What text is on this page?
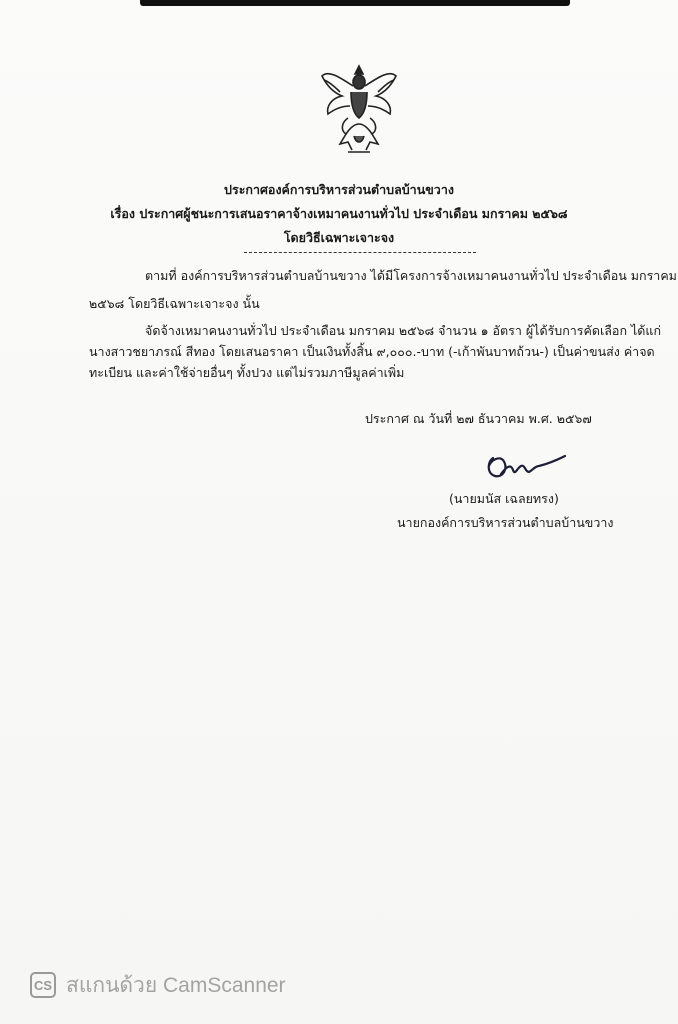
ประกาศองค์การบริหารส่วนตำบลบ้านขวาง
เรื่อง ประกาศผู้ชนะการเสนอราคาจ้างเหมาคนงานทั่วไป ประจำเดือน มกราคม ๒๕๖๘
โดยวิธีเฉพาะเจาะจง
ตามที่ องค์การบริหารส่วนตำบลบ้านขวาง ได้มีโครงการจ้างเหมาคนงานทั่วไป ประจำเดือน มกราคม
๒๕๖๘ โดยวิธีเฉพาะเจาะจง นั้น
จัดจ้างเหมาคนงานทั่วไป ประจำเดือน มกราคม ๒๕๖๘ จำนวน ๑ อัตรา ผู้ได้รับการคัดเลือก ได้แก่
นางสาวชยาภรณ์ สีทอง โดยเสนอราคา เป็นเงินทั้งสิ้น ๙,๐๐๐.-บาท (-เก้าพันบาทถ้วน-) เป็นค่าขนส่ง ค่าจด
ทะเบียน และค่าใช้จ่ายอื่นๆ ทั้งปวง แต่ไม่รวมภาษีมูลค่าเพิ่ม
ประกาศ ณ วันที่ ๒๗ ธันวาคม พ.ศ. ๒๕๖๗
(นายมนัส เฉลยทรง)
นายกองค์การบริหารส่วนตำบลบ้านขวาง
CS สแกนด้วย CamScanner
